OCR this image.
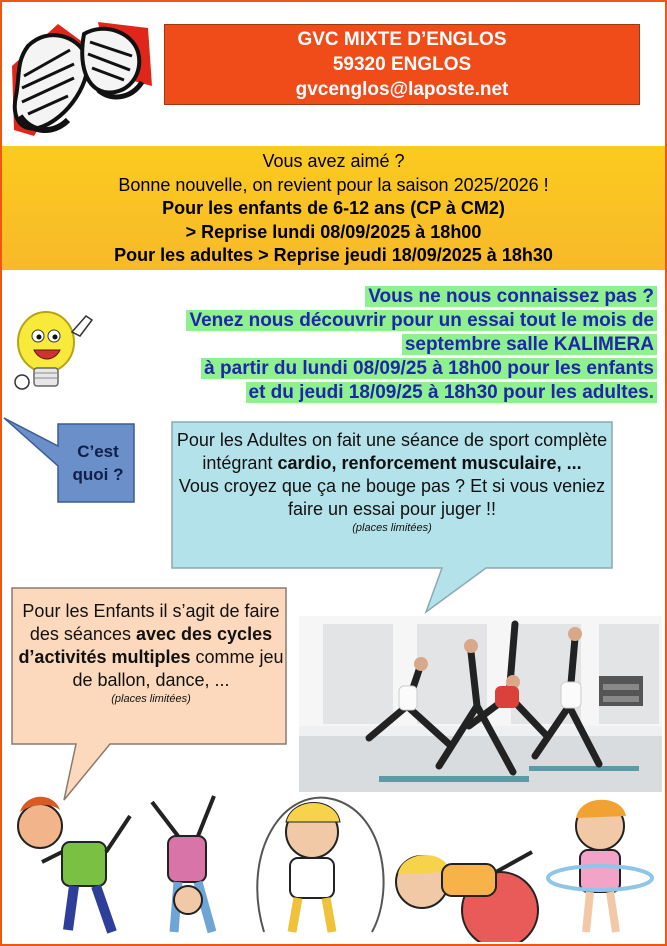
GVC MIXTE D’ENGLOS
59320 ENGLOS
gvcenglos@laposte.net
Vous avez aimé ?
Bonne nouvelle, on revient pour la saison 2025/2026 !
Pour les enfants de 6-12 ans (CP à CM2)
> Reprise lundi 08/09/2025 à 18h00
Pour les adultes > Reprise jeudi 18/09/2025 à 18h30
Vous ne nous connaissez pas ?
Venez nous découvrir pour un essai tout le mois de
septembre salle KALIMERA
à partir du lundi 08/09/25 à 18h00 pour les enfants
et du jeudi 18/09/25 à 18h30 pour les adultes.
C’est
quoi ?
Pour les Adultes on fait une séance de sport complète intégrant cardio, renforcement musculaire, ...
Vous croyez que ça ne bouge pas ? Et si vous veniez faire un essai pour juger !!
(places limitées)
Pour les Enfants il s’agit de faire des séances avec des cycles d’activités multiples comme jeu de ballon, dance, ...
(places limitées)
